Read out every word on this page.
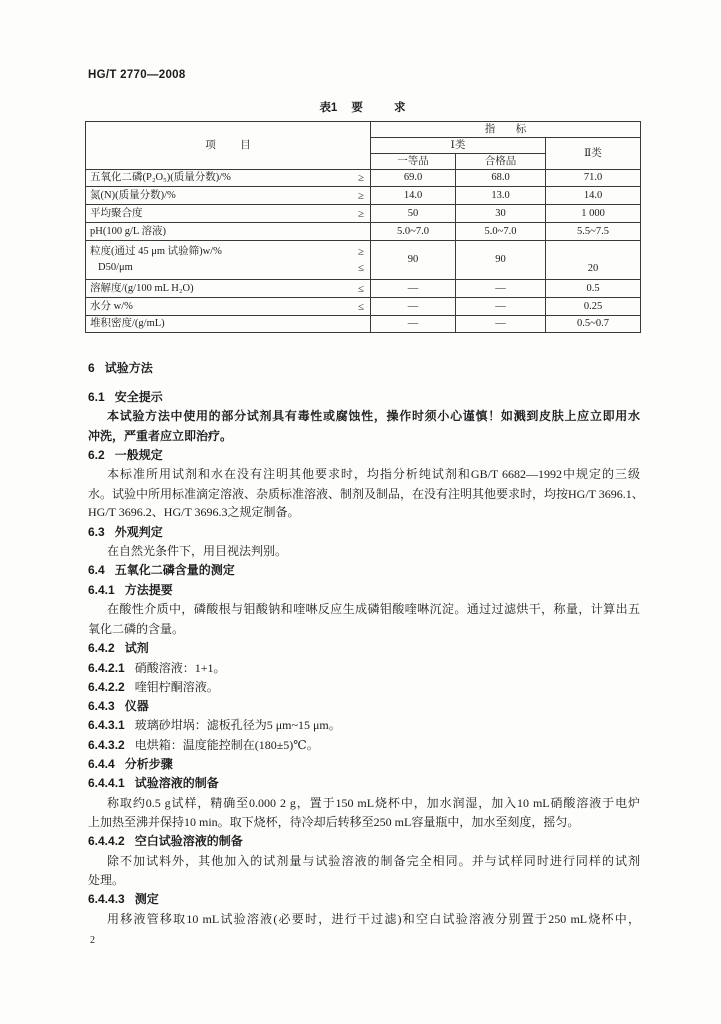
HG/T 2770—2008
表1 要 求
项 目	指 标		
	Ⅰ类		Ⅱ类
	一等品	合格品	

五氧化二磷(P₂O₅)(质量分数)/% ≥	69.0	68.0	71.0

氮(N)(质量分数)/% ≥	14.0	13.0	14.0

平均聚合度 ≥	50	30	1 000

pH(100 g/L 溶液)	5.0~7.0	5.0~7.0	5.5~7.5

粒度(通过 45 μm 试验筛)w/% ≥
D50/μm ≤	90	90	20

溶解度/(g/100 mL H₂O) ≤	—	—	0.5

水分 w/% ≤	—	—	0.25

堆积密度/(g/mL)	—	—	0.5~0.7
6 试验方法
6.1 安全提示
本试验方法中使用的部分试剂具有毒性或腐蚀性，操作时须小心谨慎！如溅到皮肤上应立即用水
冲洗，严重者应立即治疗。
6.2 一般规定
本标准所用试剂和水在没有注明其他要求时，均指分析纯试剂和GB/T 6682—1992中规定的三级
水。试验中所用标准滴定溶液、杂质标准溶液、制剂及制品，在没有注明其他要求时，均按HG/T 3696.1、
HG/T 3696.2、HG/T 3696.3之规定制备。
6.3 外观判定
在自然光条件下，用目视法判别。
6.4 五氧化二磷含量的测定
6.4.1 方法提要
在酸性介质中，磷酸根与钼酸钠和喹啉反应生成磷钼酸喹啉沉淀。通过过滤烘干，称量，计算出五
氧化二磷的含量。
6.4.2 试剂
6.4.2.1 硝酸溶液：1+1。
6.4.2.2 喹钼柠酮溶液。
6.4.3 仪器
6.4.3.1 玻璃砂坩埚：滤板孔径为5 μm~15 μm。
6.4.3.2 电烘箱：温度能控制在(180±5)℃。
6.4.4 分析步骤
6.4.4.1 试验溶液的制备
称取约0.5 g试样，精确至0.000 2 g，置于150 mL烧杯中，加水润湿，加入10 mL硝酸溶液于电炉
上加热至沸并保持10 min。取下烧杯，待冷却后转移至250 mL容量瓶中，加水至刻度，摇匀。
6.4.4.2 空白试验溶液的制备
除不加试料外，其他加入的试剂量与试验溶液的制备完全相同。并与试样同时进行同样的试剂
处理。
6.4.4.3 测定
用移液管移取10 mL试验溶液(必要时，进行干过滤)和空白试验溶液分别置于250 mL烧杯中，
2
